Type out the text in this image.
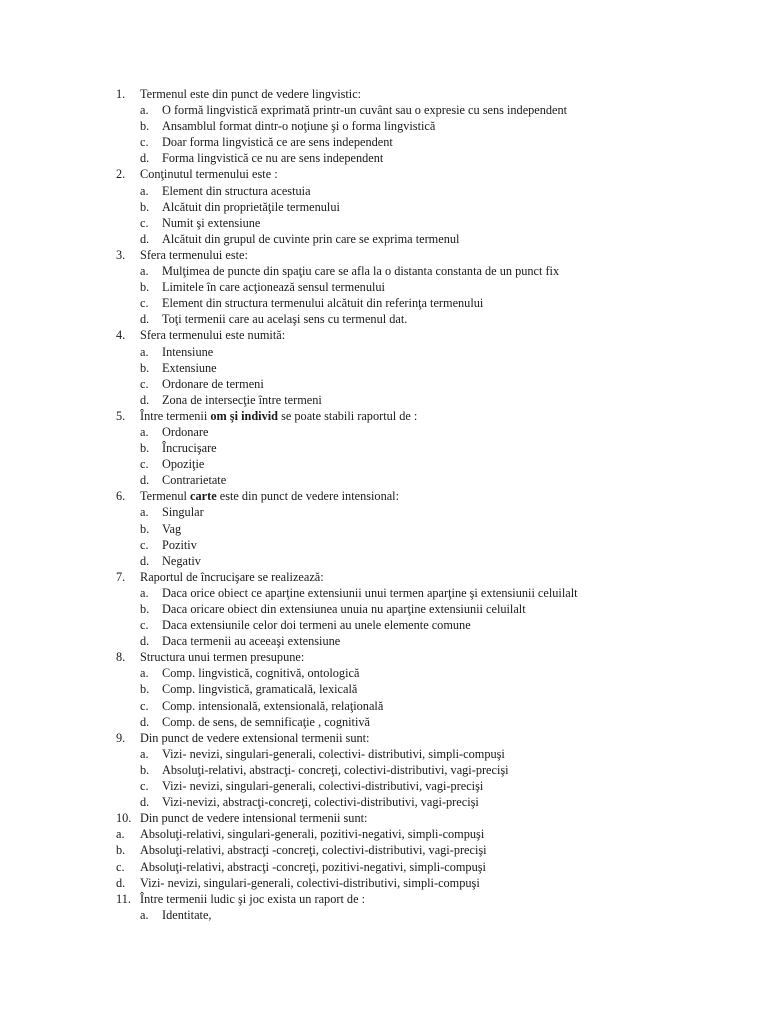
1. Termenul este din punct de vedere lingvistic:
a. O formă lingvistică exprimată printr-un cuvânt sau o expresie cu sens independent
b. Ansamblul format dintr-o noţiune şi o forma lingvistică
c. Doar forma lingvistică ce are sens independent
d. Forma lingvistică ce nu are sens independent
2. Conţinutul termenului este :
a. Element din structura acestuia
b. Alcătuit din proprietăţile termenului
c. Numit şi extensiune
d. Alcătuit din grupul de cuvinte prin care se exprima termenul
3. Sfera termenului este:
a. Mulţimea de puncte din spaţiu care se afla la o distanta constanta de un punct fix
b. Limitele în care acţionează sensul termenului
c. Element din structura termenului alcătuit din referinţa termenului
d. Toţi termenii care au acelaşi sens cu termenul dat.
4. Sfera termenului este numită:
a. Intensiune
b. Extensiune
c. Ordonare de termeni
d. Zona de intersecţie între termeni
5. Între termenii om şi individ se poate stabili raportul de :
a. Ordonare
b. Încrucişare
c. Opoziţie
d. Contrarietate
6. Termenul carte este din punct de vedere intensional:
a. Singular
b. Vag
c. Pozitiv
d. Negativ
7. Raportul de încrucişare se realizează:
a. Daca orice obiect ce aparţine extensiunii unui termen aparţine şi extensiunii celuilalt
b. Daca oricare obiect din extensiunea unuia nu aparţine extensiunii celuilalt
c. Daca extensiunile celor doi termeni au unele elemente comune
d. Daca termenii au aceeaşi extensiune
8. Structura unui termen presupune:
a. Comp. lingvistică, cognitivă, ontologică
b. Comp. lingvistică, gramaticală, lexicală
c. Comp. intensională, extensională, relaţională
d. Comp. de sens, de semnificaţie , cognitivă
9. Din punct de vedere extensional termenii sunt:
a. Vizi- nevizi, singulari-generali, colectivi- distributivi, simpli-compuşi
b. Absoluţi-relativi, abstracţi- concreţi, colectivi-distributivi, vagi-precişi
c. Vizi- nevizi, singulari-generali, colectivi-distributivi, vagi-precişi
d. Vizi-nevizi, abstracţi-concreţi, colectivi-distributivi, vagi-precişi
10. Din punct de vedere intensional termenii sunt:
a. Absoluţi-relativi, singulari-generali, pozitivi-negativi, simpli-compuşi
b. Absoluţi-relativi, abstracţi -concreţi, colectivi-distributivi, vagi-precişi
c. Absoluţi-relativi, abstracţi -concreţi, pozitivi-negativi, simpli-compuşi
d. Vizi- nevizi, singulari-generali, colectivi-distributivi, simpli-compuşi
11. Între termenii ludic şi joc exista un raport de :
a. Identitate,
